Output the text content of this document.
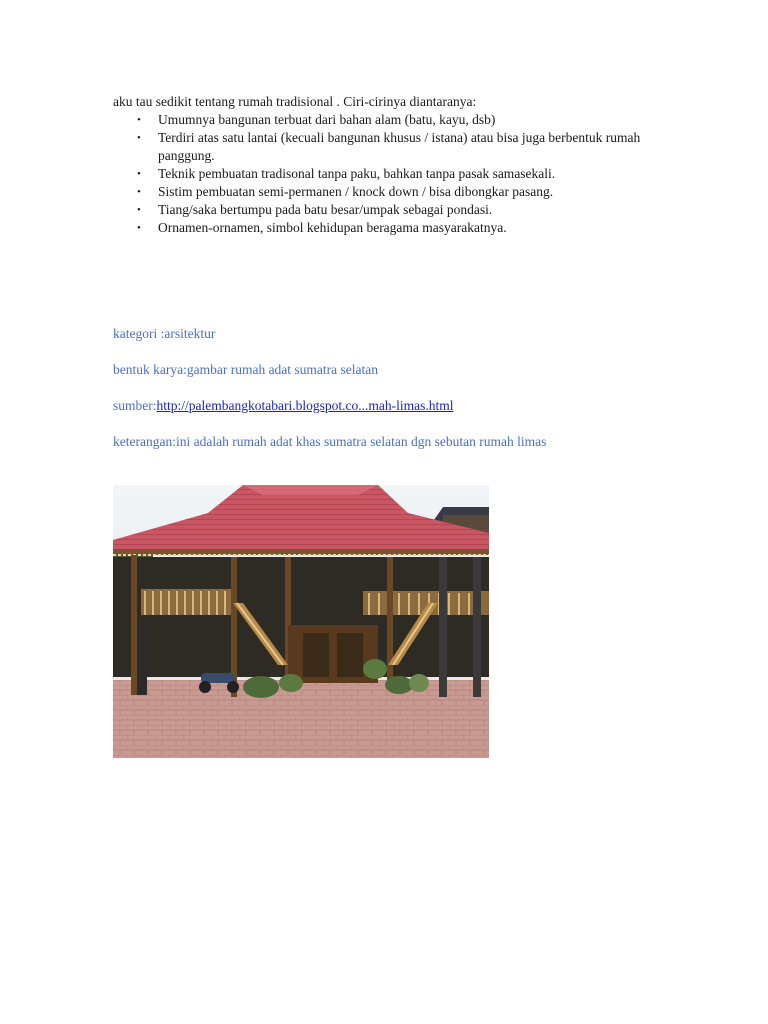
aku tau sedikit tentang rumah tradisional . Ciri-cirinya diantaranya:

• Umumnya bangunan terbuat dari bahan alam (batu, kayu, dsb)
• Terdiri atas satu lantai (kecuali bangunan khusus / istana) atau bisa juga berbentuk rumah panggung.
• Teknik pembuatan tradisonal tanpa paku, bahkan tanpa pasak samasekali.
• Sistim pembuatan semi-permanen / knock down / bisa dibongkar pasang.
• Tiang/saka bertumpu pada batu besar/umpak sebagai pondasi.
• Ornamen-ornamen, simbol kehidupan beragama masyarakatnya.

kategori :arsitektur

bentuk karya:gambar rumah adat sumatra selatan

sumber:http://palembangkotabari.blogspot.co...mah-limas.html

keterangan:ini adalah rumah adat khas sumatra selatan dgn sebutan rumah limas
